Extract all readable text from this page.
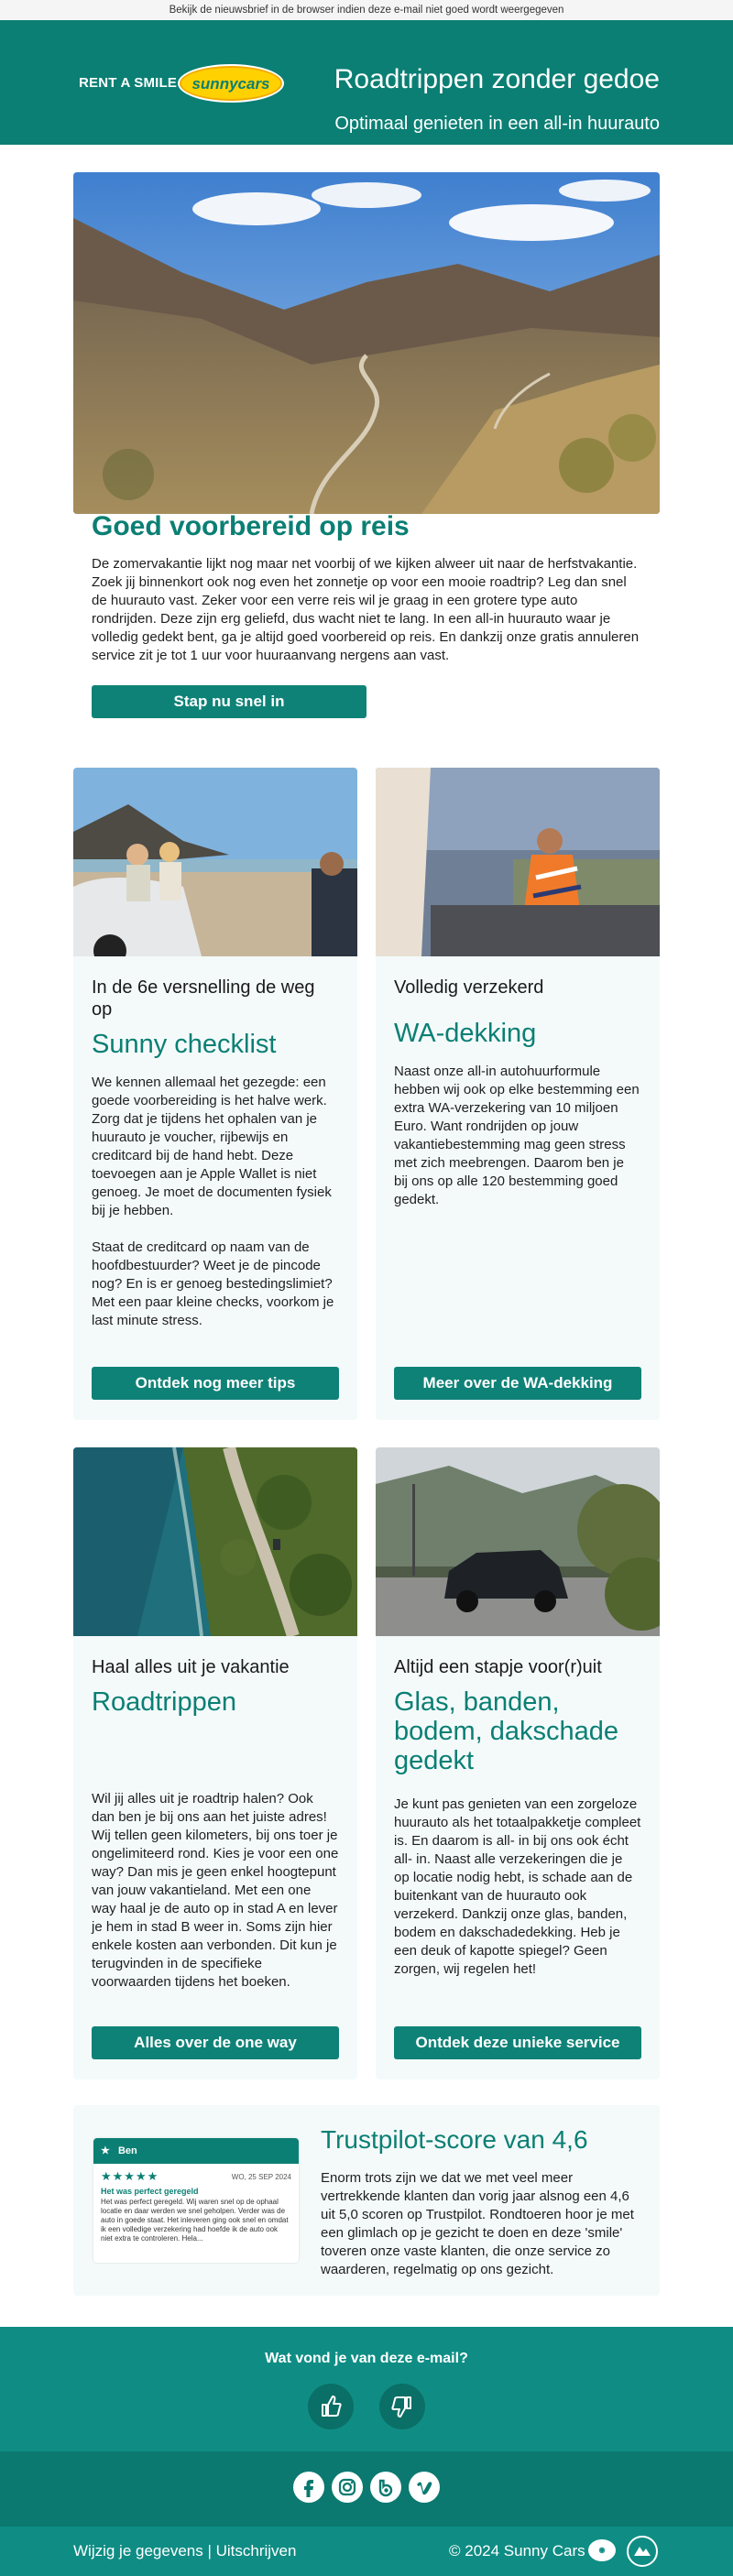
Bekijk de nieuwsbrief in de browser indien deze e-mail niet goed wordt weergegeven
RENT A SMILE sunnycars	Roadtrippen zonder gedoe
Optimaal genieten in een all-in huurauto
Goed voorbereid op reis

De zomervakantie lijkt nog maar net voorbij of we kijken alweer uit naar de herfstvakantie. Zoek jij binnenkort ook nog even het zonnetje op voor een mooie roadtrip? Leg dan snel de huurauto vast. Zeker voor een verre reis wil je graag in een grotere type auto rondrijden. Deze zijn erg geliefd, dus wacht niet te lang. In een all-in huurauto waar je volledig gedekt bent, ga je altijd goed voorbereid op reis. En dankzij onze gratis annuleren service zit je tot 1 uur voor huuraanvang nergens aan vast.

Stap nu snel in
In de 6e versnelling de weg op
Sunny checklist

We kennen allemaal het gezegde: een goede voorbereiding is het halve werk. Zorg dat je tijdens het ophalen van je huurauto je voucher, rijbewijs en creditcard bij de hand hebt. Deze toevoegen aan je Apple Wallet is niet genoeg. Je moet de documenten fysiek bij je hebben.

Staat de creditcard op naam van de hoofdbestuurder? Weet je de pincode nog? En is er genoeg bestedingslimiet? Met een paar kleine checks, voorkom je last minute stress.

Ontdek nog meer tips
Volledig verzekerd
WA-dekking

Naast onze all-in autohuurformule hebben wij ook op elke bestemming een extra WA-verzekering van 10 miljoen Euro. Want rondrijden op jouw vakantiebestemming mag geen stress met zich meebrengen. Daarom ben je bij ons op alle 120 bestemming goed gedekt.

Meer over de WA-dekking
Haal alles uit je vakantie
Roadtrippen

Wil jij alles uit je roadtrip halen? Ook dan ben je bij ons aan het juiste adres! Wij tellen geen kilometers, bij ons toer je ongelimiteerd rond. Kies je voor een one way? Dan mis je geen enkel hoogtepunt van jouw vakantieland. Met een one way haal je de auto op in stad A en lever je hem in stad B weer in. Soms zijn hier enkele kosten aan verbonden. Dit kun je terugvinden in de specifieke voorwaarden tijdens het boeken.

Alles over de one way
Altijd een stapje voor(r)uit
Glas, banden, bodem, dakschade gedekt

Je kunt pas genieten van een zorgeloze huurauto als het totaalpakketje compleet is. En daarom is all- in bij ons ook écht all- in. Naast alle verzekeringen die je op locatie nodig hebt, is schade aan de buitenkant van de huurauto ook verzekerd. Dankzij onze glas, banden, bodem en dakschadedekking. Heb je een deuk of kapotte spiegel? Geen zorgen, wij regelen het!

Ontdek deze unieke service
★ Ben
★★★★★	WO, 25 SEP 2024
Het was perfect geregeld
Het was perfect geregeld. Wij waren snel op de ophaal locatie en daar werden we snel geholpen. Verder was de auto in goede staat. Het inleveren ging ook snel en omdat ik een volledige verzekering had hoefde ik de auto ook niet extra te controleren. Hela...
Trustpilot-score van 4,6

Enorm trots zijn we dat we met veel meer vertrekkende klanten dan vorig jaar alsnog een 4,6 uit 5,0 scoren op Trustpilot. Rondtoeren hoor je met een glimlach op je gezicht te doen en deze 'smile' toveren onze vaste klanten, die onze service zo waarderen, regelmatig op ons gezicht.

Wat vond je van deze e-mail?
Wijzig je gegevens | Uitschrijven	© 2024 Sunny Cars	◉
